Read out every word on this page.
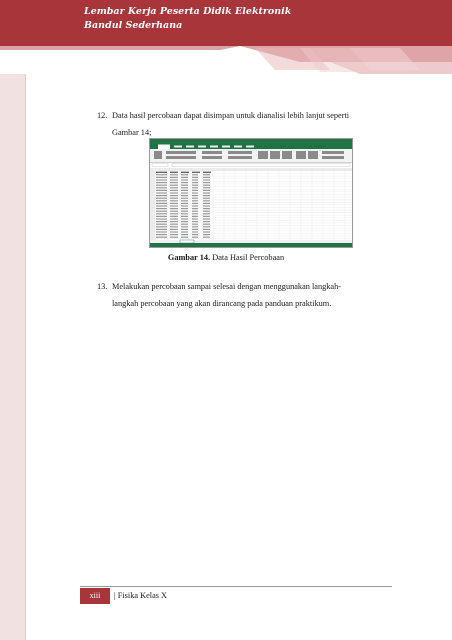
Lembar Kerja Peserta Didik Elektronik
Bandul Sederhana
12. Data hasil percobaan dapat disimpan untuk dianalisi lebih lanjut seperti

Gambar 14;

Gambar 14. Data Hasil Percobaan
13. Melakukan percobaan sampai selesai dengan menggunakan langkah-

langkah percobaan yang akan dirancang pada panduan praktikum.

xiii	| Fisika Kelas X
